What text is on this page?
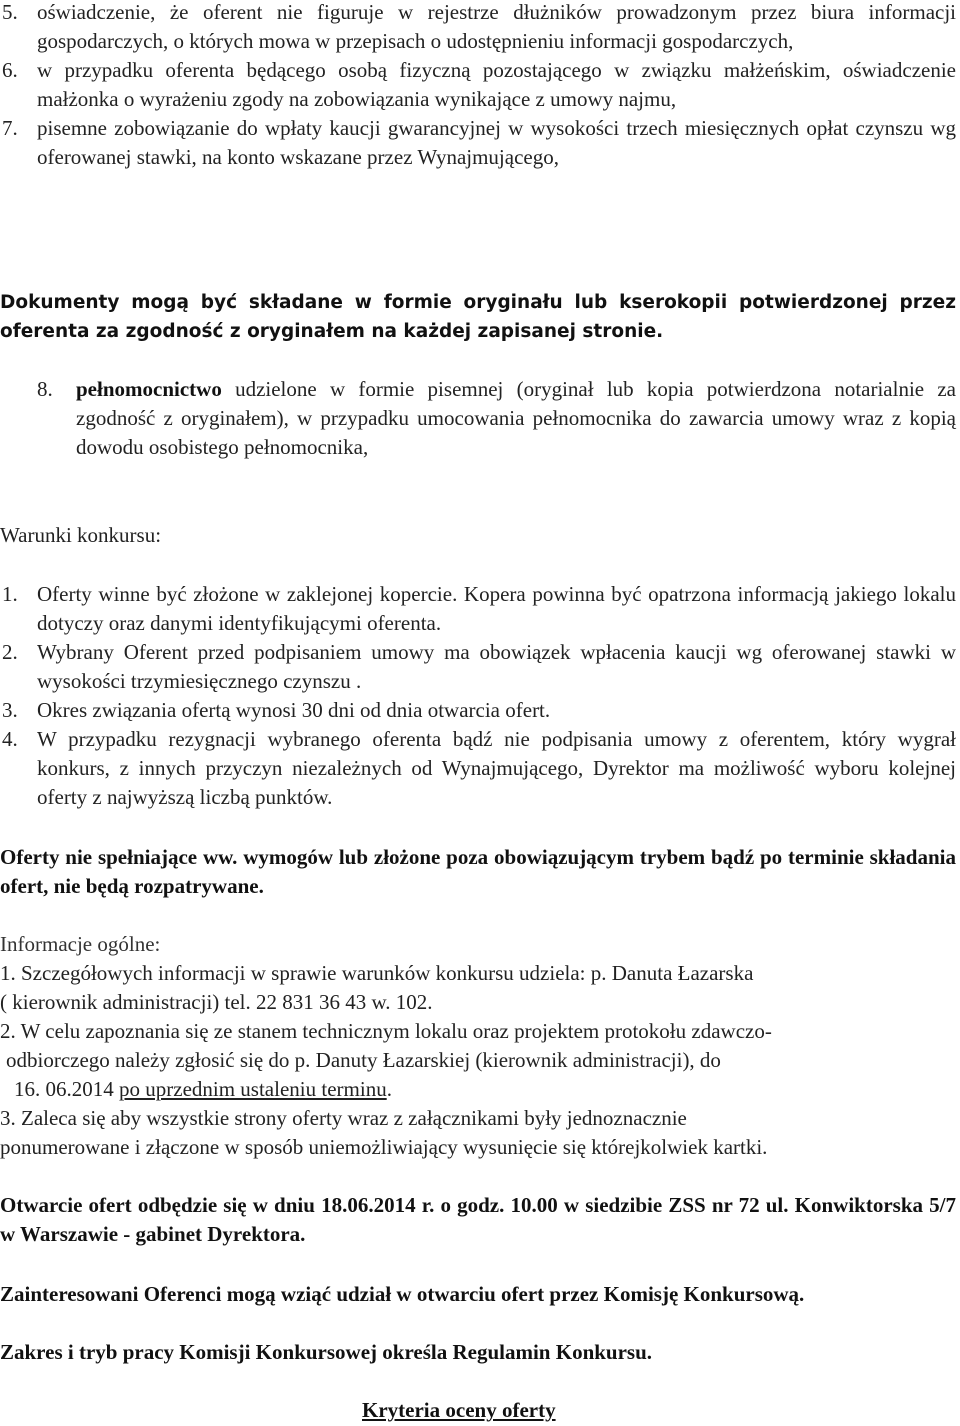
5. oświadczenie, że oferent nie figuruje w rejestrze dłużników prowadzonym przez biura informacji gospodarczych, o których mowa w przepisach o udostępnieniu informacji gospodarczych,
6. w przypadku oferenta będącego osobą fizyczną pozostającego w związku małżeńskim, oświadczenie małżonka o wyrażeniu zgody na zobowiązania wynikające z umowy najmu,
7. pisemne zobowiązanie do wpłaty kaucji gwarancyjnej w wysokości trzech miesięcznych opłat czynszu wg oferowanej stawki, na konto wskazane przez Wynajmującego,
Dokumenty mogą być składane w formie oryginału lub kserokopii potwierdzonej przez oferenta za zgodność z oryginałem na każdej zapisanej stronie.
8. pełnomocnictwo udzielone w formie pisemnej (oryginał lub kopia potwierdzona notarialnie za zgodność z oryginałem), w przypadku umocowania pełnomocnika do zawarcia umowy wraz z kopią dowodu osobistego pełnomocnika,
Warunki konkursu:
1. Oferty winne być złożone w zaklejonej kopercie. Kopera powinna być opatrzona informacją jakiego lokalu dotyczy oraz danymi identyfikującymi oferenta.
2. Wybrany Oferent przed podpisaniem umowy ma obowiązek wpłacenia kaucji wg oferowanej stawki w wysokości trzymiesięcznego czynszu .
3. Okres związania ofertą wynosi 30 dni od dnia otwarcia ofert.
4. W przypadku rezygnacji wybranego oferenta bądź nie podpisania umowy z oferentem, który wygrał konkurs, z innych przyczyn niezależnych od Wynajmującego, Dyrektor ma możliwość wyboru kolejnej oferty z najwyższą liczbą punktów.
Oferty nie spełniające ww. wymogów lub złożone poza obowiązującym trybem bądź po terminie składania ofert, nie będą rozpatrywane.
Informacje ogólne:
1. Szczegółowych informacji w sprawie warunków konkursu udziela: p. Danuta Łazarska
( kierownik administracji) tel. 22 831 36 43 w. 102.
2. W celu zapoznania się ze stanem technicznym lokalu oraz projektem protokołu zdawczo-
odbiorczego należy zgłosić się do p. Danuty Łazarskiej (kierownik administracji), do
16. 06.2014 po uprzednim ustaleniu terminu.
3. Zaleca się aby wszystkie strony oferty wraz z załącznikami były jednoznacznie
ponumerowane i złączone w sposób uniemożliwiający wysunięcie się którejkolwiek kartki.
Otwarcie ofert odbędzie się w dniu 18.06.2014 r. o godz. 10.00 w siedzibie ZSS nr 72 ul. Konwiktorska 5/7 w Warszawie - gabinet Dyrektora.
Zainteresowani Oferenci mogą wziąć udział w otwarciu ofert przez Komisję Konkursową.
Zakres i tryb pracy Komisji Konkursowej określa Regulamin Konkursu.
Kryteria oceny oferty
